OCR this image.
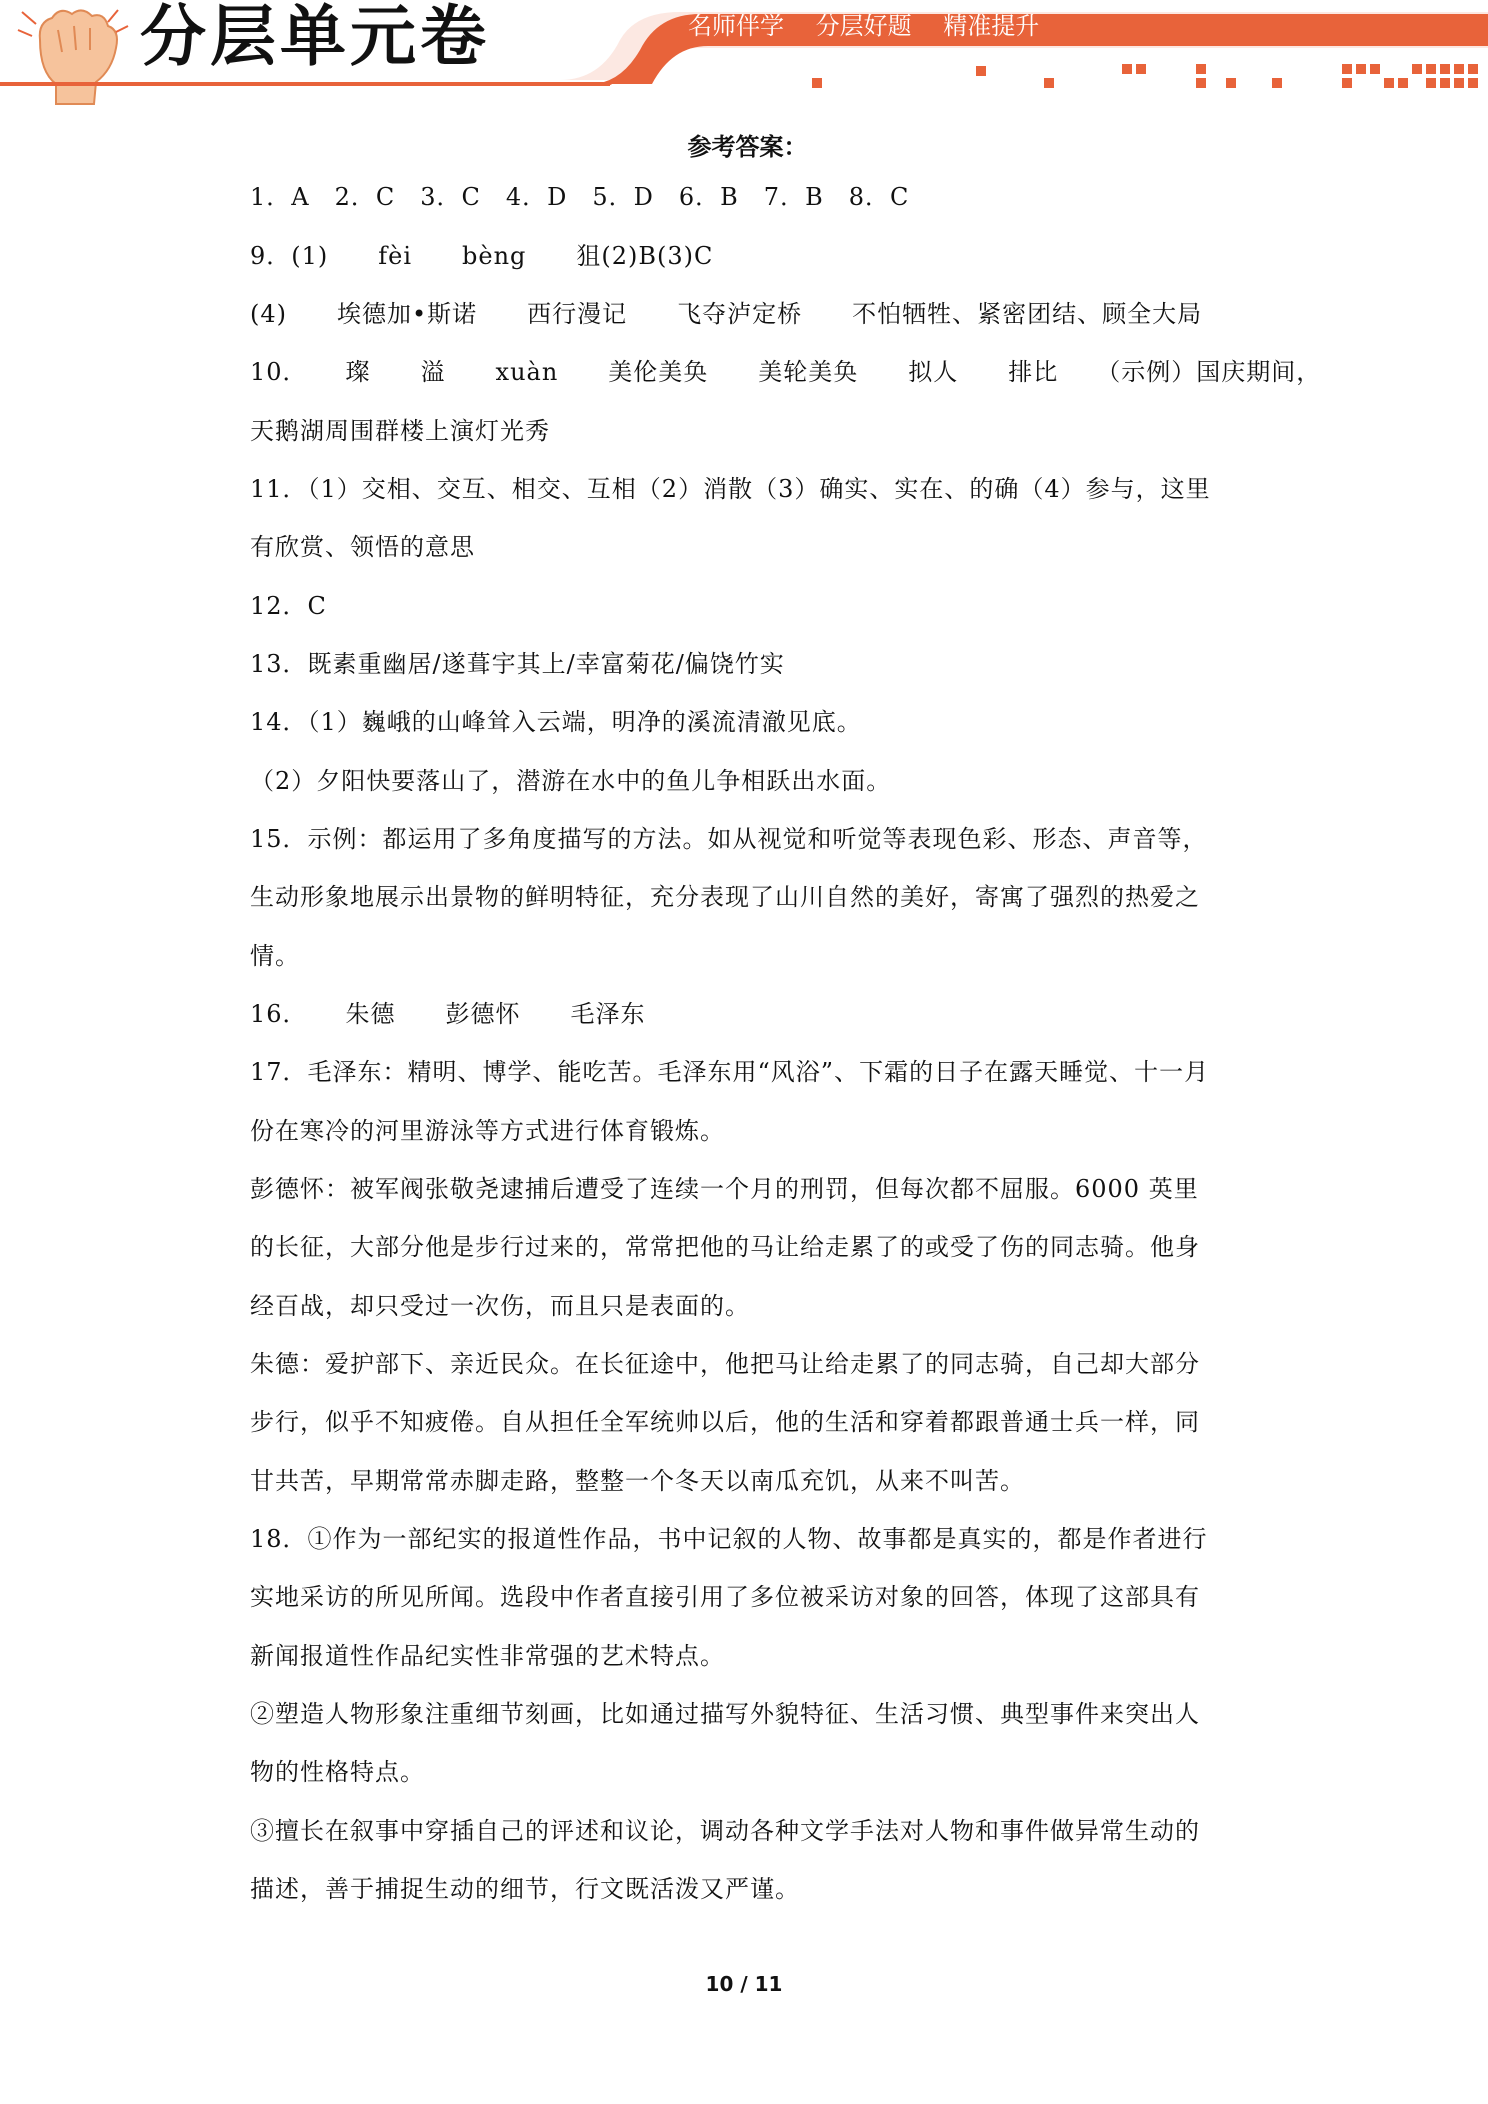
分层单元卷	名师伴学 分层好题 精准提升
参考答案：
1．A　2．C　3．C　4．D　5．D　6．B　7．B　8．C
9．(1)　　fèi　　bèng　　狙(2)B(3)C
(4)　　埃德加•斯诺　　西行漫记　　飞夺泸定桥　　不怕牺牲、紧密团结、顾全大局
10．　　璨　　溢　　xuàn　　美伦美奂　　美轮美奂　　拟人　　排比　　（示例）国庆期间，
天鹅湖周围群楼上演灯光秀
11．（1）交相、交互、相交、互相（2）消散（3）确实、实在、的确（4）参与，这里
有欣赏、领悟的意思
12．C
13．既素重幽居/遂葺宇其上/幸富菊花/偏饶竹实
14．（1）巍峨的山峰耸入云端，明净的溪流清澈见底。
（2）夕阳快要落山了，潜游在水中的鱼儿争相跃出水面。
15．示例：都运用了多角度描写的方法。如从视觉和听觉等表现色彩、形态、声音等，
生动形象地展示出景物的鲜明特征，充分表现了山川自然的美好，寄寓了强烈的热爱之
情。
16．　　朱德　　彭德怀　　毛泽东
17．毛泽东：精明、博学、能吃苦。毛泽东用“风浴”、下霜的日子在露天睡觉、十一月
份在寒冷的河里游泳等方式进行体育锻炼。
彭德怀：被军阀张敬尧逮捕后遭受了连续一个月的刑罚，但每次都不屈服。6000 英里
的长征，大部分他是步行过来的，常常把他的马让给走累了的或受了伤的同志骑。他身
经百战，却只受过一次伤，而且只是表面的。
朱德：爱护部下、亲近民众。在长征途中，他把马让给走累了的同志骑，自己却大部分
步行，似乎不知疲倦。自从担任全军统帅以后，他的生活和穿着都跟普通士兵一样，同
甘共苦，早期常常赤脚走路，整整一个冬天以南瓜充饥，从来不叫苦。
18．①作为一部纪实的报道性作品，书中记叙的人物、故事都是真实的，都是作者进行
实地采访的所见所闻。选段中作者直接引用了多位被采访对象的回答，体现了这部具有
新闻报道性作品纪实性非常强的艺术特点。
②塑造人物形象注重细节刻画，比如通过描写外貌特征、生活习惯、典型事件来突出人
物的性格特点。
③擅长在叙事中穿插自己的评述和议论，调动各种文学手法对人物和事件做异常生动的
描述，善于捕捉生动的细节，行文既活泼又严谨。
10 / 11
